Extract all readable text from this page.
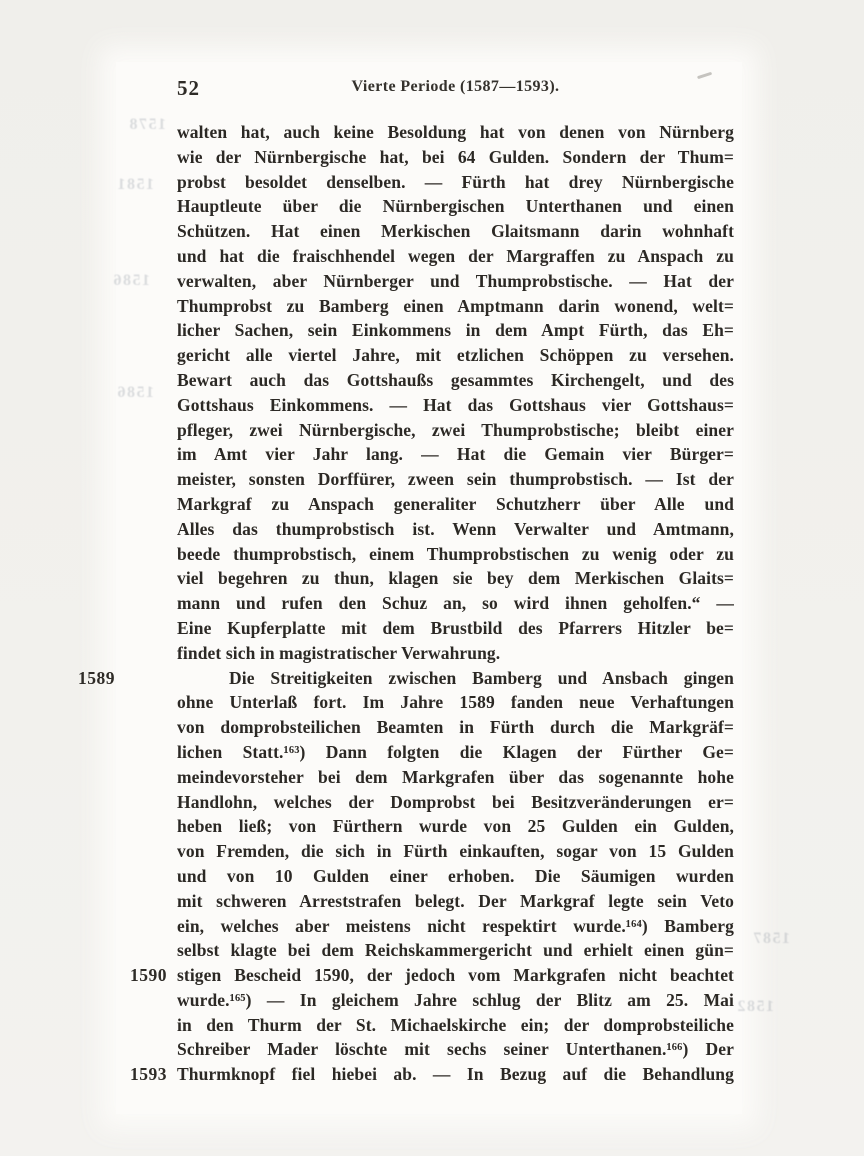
52	Vierte Periode (1587—1593).
walten hat, auch keine Besoldung hat von denen von Nürnberg
wie der Nürnbergische hat, bei 64 Gulden. Sondern der Thum=
probst besoldet denselben. — Fürth hat drey Nürnbergische
Hauptleute über die Nürnbergischen Unterthanen und einen
Schützen. Hat einen Merkischen Glaitsmann darin wohnhaft
und hat die fraischhendel wegen der Margraffen zu Anspach zu
verwalten, aber Nürnberger und Thumprobstische. — Hat der
Thumprobst zu Bamberg einen Amptmann darin wonend, welt=
licher Sachen, sein Einkommens in dem Ampt Fürth, das Eh=
gericht alle viertel Jahre, mit etzlichen Schöppen zu versehen.
Bewart auch das Gottshaußs gesammtes Kirchengelt, und des
Gottshaus Einkommens. — Hat das Gottshaus vier Gottshaus=
pfleger, zwei Nürnbergische, zwei Thumprobstische; bleibt einer
im Amt vier Jahr lang. — Hat die Gemain vier Bürger=
meister, sonsten Dorffürer, zween sein thumprobstisch. — Ist der
Markgraf zu Anspach generaliter Schutzherr über Alle und
Alles das thumprobstisch ist. Wenn Verwalter und Amtmann,
beede thumprobstisch, einem Thumprobstischen zu wenig oder zu
viel begehren zu thun, klagen sie bey dem Merkischen Glaits=
mann und rufen den Schuz an, so wird ihnen geholfen.“ —
Eine Kupferplatte mit dem Brustbild des Pfarrers Hitzler be=
findet sich in magistratischer Verwahrung.
1589	Die Streitigkeiten zwischen Bamberg und Ansbach gingen
ohne Unterlaß fort. Im Jahre 1589 fanden neue Verhaftungen
von domprobsteilichen Beamten in Fürth durch die Markgräf=
lichen Statt.¹⁶³) Dann folgten die Klagen der Fürther Ge=
meindevorsteher bei dem Markgrafen über das sogenannte hohe
Handlohn, welches der Domprobst bei Besitzveränderungen er=
heben ließ; von Fürthern wurde von 25 Gulden ein Gulden,
von Fremden, die sich in Fürth einkauften, sogar von 15 Gulden
und von 10 Gulden einer erhoben. Die Säumigen wurden
mit schweren Arreststrafen belegt. Der Markgraf legte sein Veto
ein, welches aber meistens nicht respektirt wurde.¹⁶⁴) Bamberg
selbst klagte bei dem Reichskammergericht und erhielt einen gün=
1590 stigen Bescheid 1590, der jedoch vom Markgrafen nicht beachtet
wurde.¹⁶⁵) — In gleichem Jahre schlug der Blitz am 25. Mai
in den Thurm der St. Michaelskirche ein; der domprobsteiliche
Schreiber Mader löschte mit sechs seiner Unterthanen.¹⁶⁶) Der
1593 Thurmknopf fiel hiebei ab. — In Bezug auf die Behandlung
1578
1581
1586
1586
1587
1582
